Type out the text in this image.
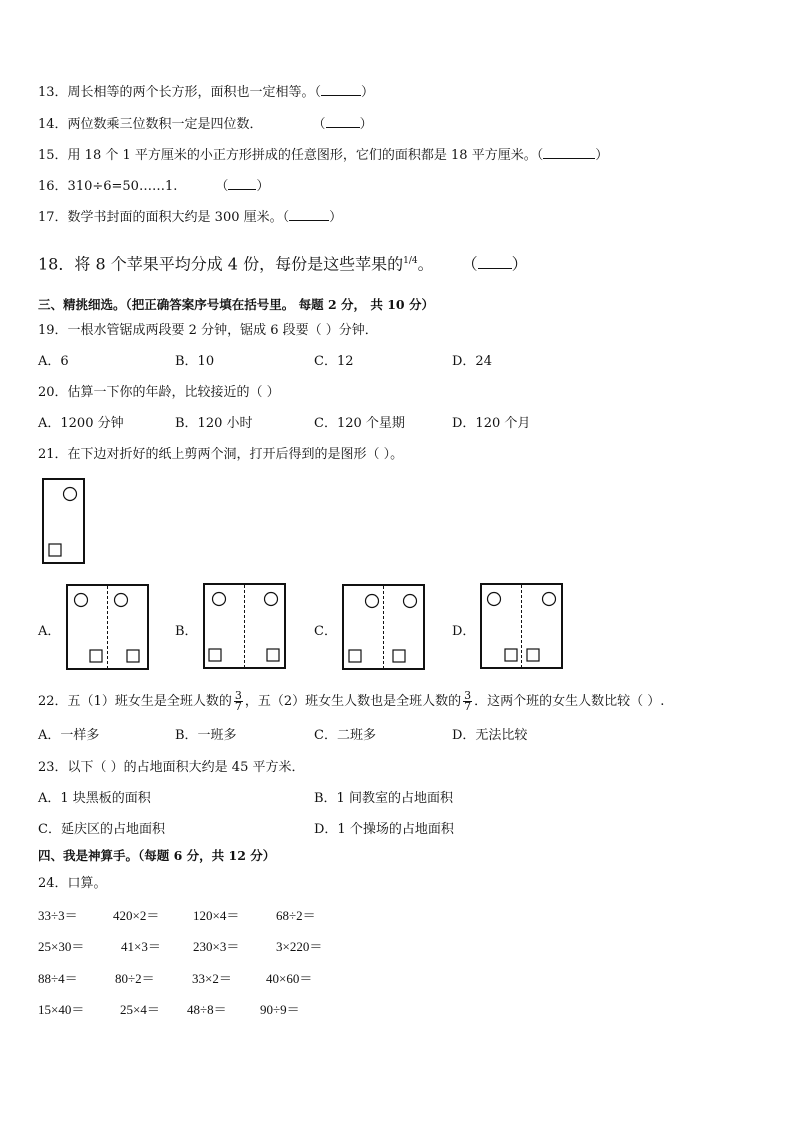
13．周长相等的两个长方形，面积也一定相等。（	）
14．两位数乘三位数积一定是四位数．	（	）
15．用 18 个 1 平方厘米的小正方形拼成的任意图形，它们的面积都是 18 平方厘米。（	）
16．310÷6=50……1.	（ ）
17．数学书封面的面积大约是 300 厘米。（	）
18．将 8 个苹果平均分成 4 份，每份是这些苹果的$^{1/4}$。 （ ）
三、精挑细选。（把正确答案序号填在括号里。 每题 2 分， 共 10 分）
19．一根水管锯成两段要 2 分钟，锯成 6 段要（ ）分钟．
A．6	B．10	C．12	D．24
20．估算一下你的年龄，比较接近的（ ）
A．1200 分钟	B．120 小时	C．120 个星期	D．120 个月
21．在下边对折好的纸上剪两个洞，打开后得到的是图形（ ）。
A．	B．	C．	D．
22．五（1）班女生是全班人数的 $\frac{3}{7}$ ，五（2）班女生人数也是全班人数的 $\frac{3}{7}$ ．这两个班的女生人数比较（ ）.
A．一样多	B．一班多	C．二班多	D．无法比较
23．以下（ ）的占地面积大约是 45 平方米．
A．1 块黑板的面积	B．1 间教室的占地面积
C．延庆区的占地面积	D．1 个操场的占地面积
四、我是神算手。（每题 6 分，共 12 分）
24．口算。
33÷3＝	420×2＝	120×4＝	68÷2＝
25×30＝	41×3＝ 230×3＝	3×220＝
88÷4＝	80÷2＝	33×2＝	40×60＝
15×40＝	25×4＝ 48÷8＝	90÷9＝
